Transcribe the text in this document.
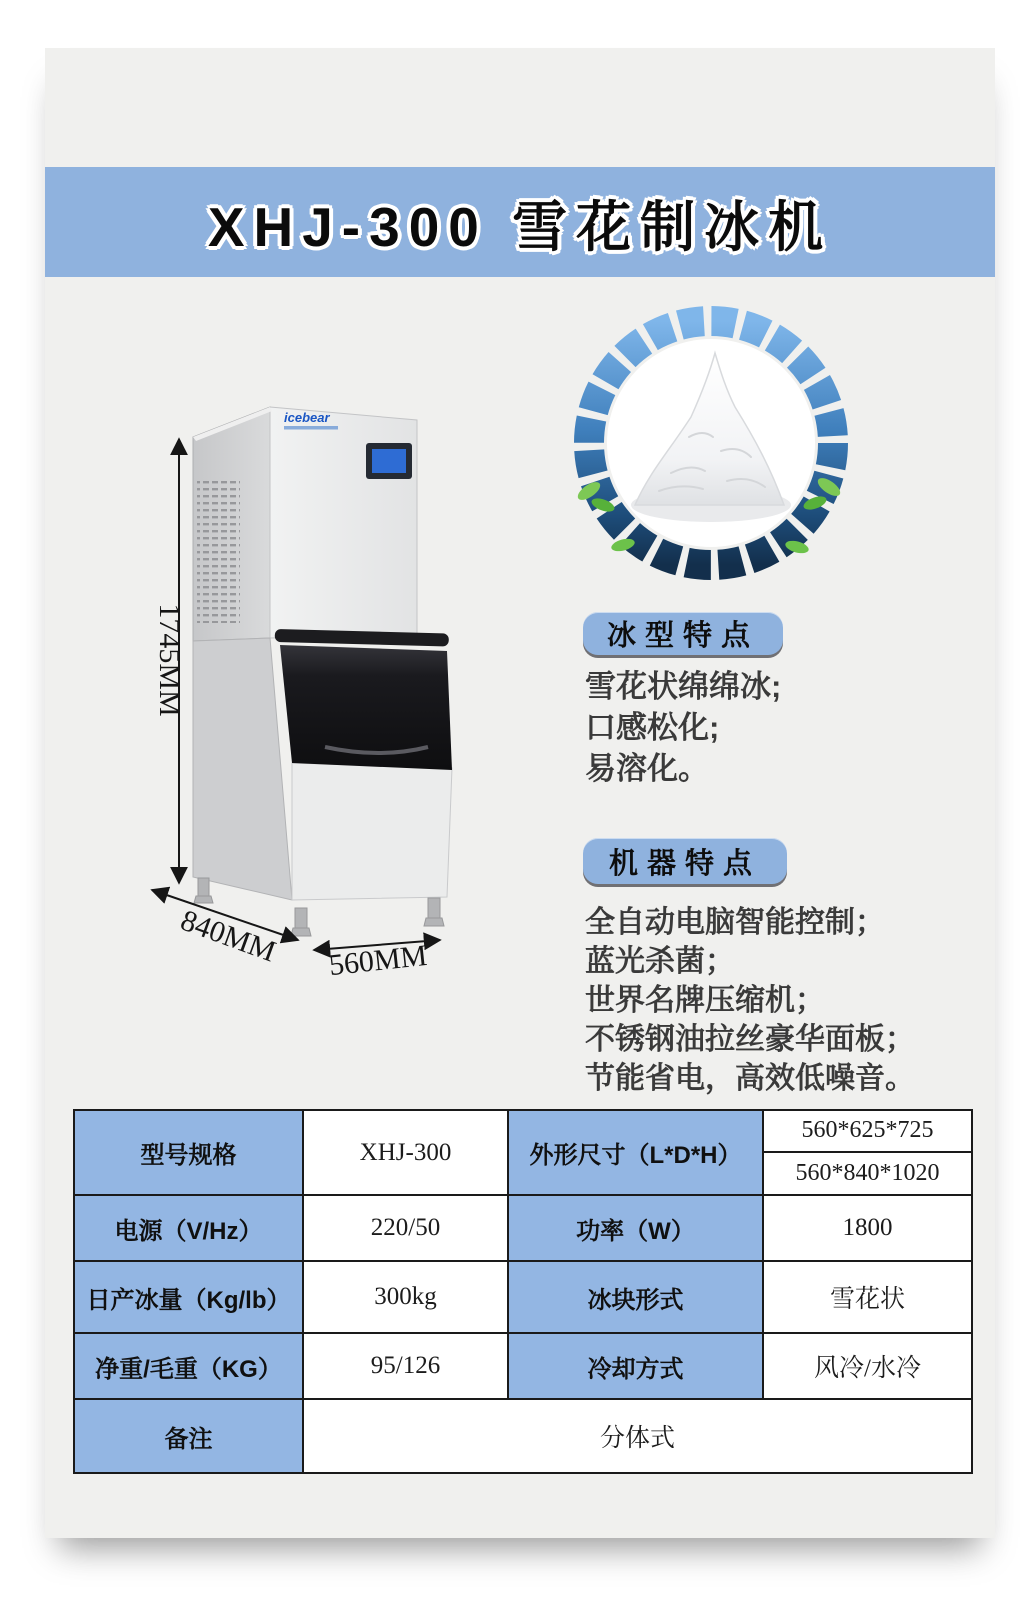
XHJ-300 雪花制冰机
icebear
1745MM
840MM 560MM
冰型特点
雪花状绵绵冰;
口感松化;
易溶化。
机器特点
全自动电脑智能控制；
蓝光杀菌；
世界名牌压缩机；
不锈钢油拉丝豪华面板；
节能省电，高效低噪音。
型号规格	XHJ-300	外形尺寸（L*D*H）
560*625*725
560*840*1020
电源（V/Hz）	220/50	功率（W）	1800
日产冰量（Kg/lb）	300kg	冰块形式	雪花状
净重/毛重（KG）	95/126	冷却方式	风冷/水冷
备注	分体式
